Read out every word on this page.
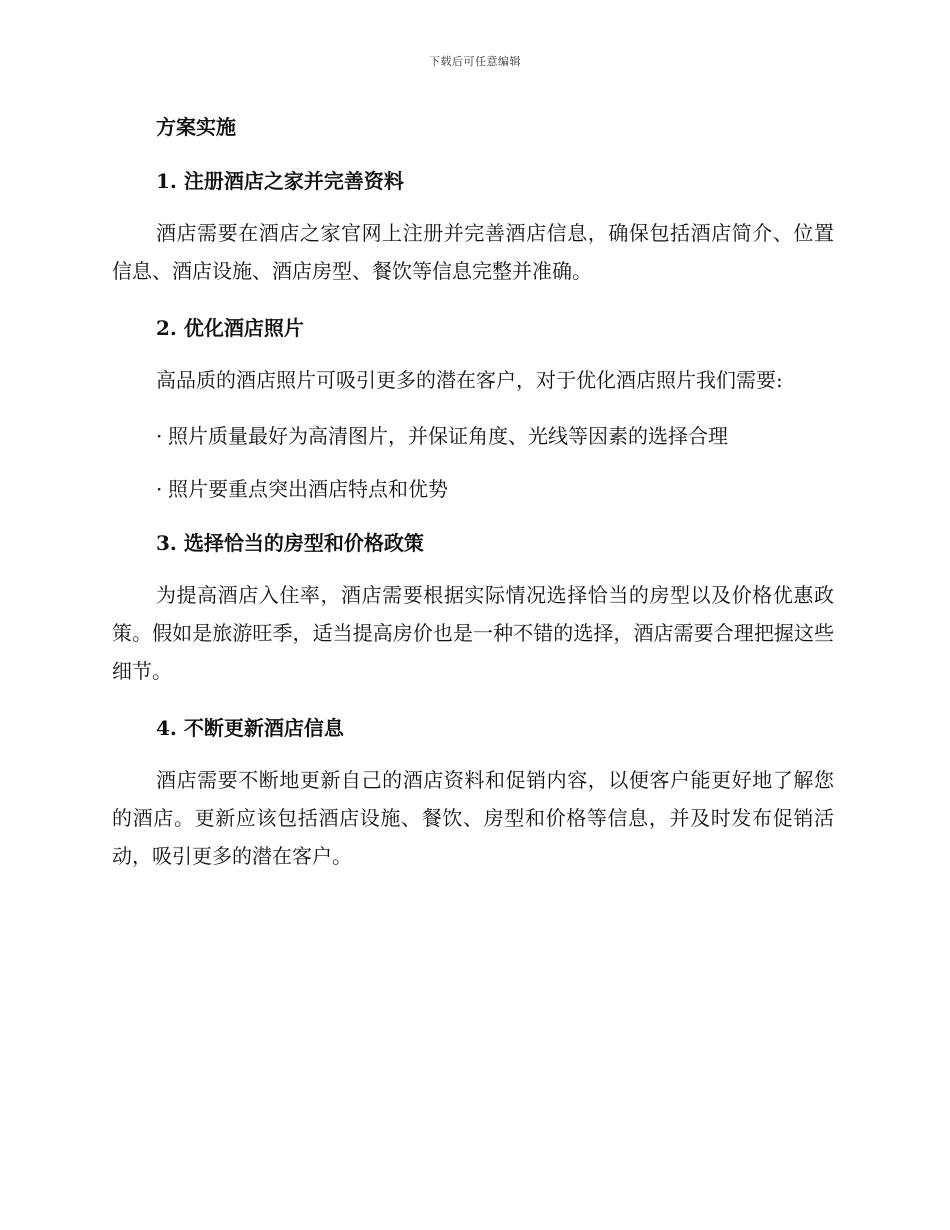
下载后可任意编辑
方案实施
1. 注册酒店之家并完善资料

酒店需要在酒店之家官网上注册并完善酒店信息，确保包括酒店简介、位置信息、酒店设施、酒店房型、餐饮等信息完整并准确。

2. 优化酒店照片

高品质的酒店照片可吸引更多的潜在客户，对于优化酒店照片我们需要:

· 照片质量最好为高清图片，并保证角度、光线等因素的选择合理
· 照片要重点突出酒店特点和优势
3. 选择恰当的房型和价格政策

为提高酒店入住率，酒店需要根据实际情况选择恰当的房型以及价格优惠政策。假如是旅游旺季，适当提高房价也是一种不错的选择，酒店需要合理把握这些细节。

4. 不断更新酒店信息

酒店需要不断地更新自己的酒店资料和促销内容，以便客户能更好地了解您的酒店。更新应该包括酒店设施、餐饮、房型和价格等信息，并及时发布促销活动，吸引更多的潜在客户。
